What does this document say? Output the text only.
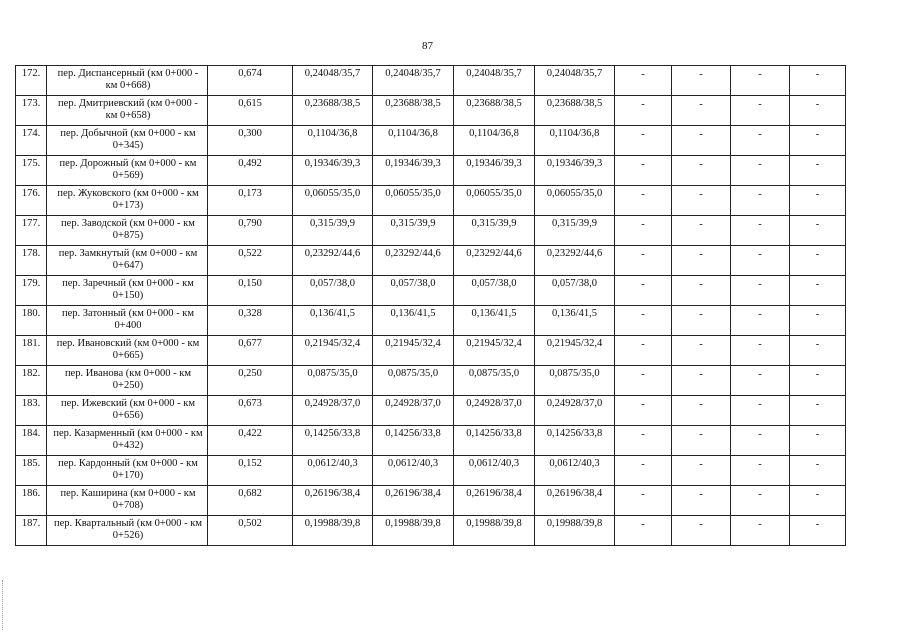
87
172.	пер. Диспансерный (км 0+000 - км 0+668)	0,674	0,24048/35,7	0,24048/35,7	0,24048/35,7	0,24048/35,7	-	-	-	-
173.	пер. Дмитриевский (км 0+000 - км 0+658)	0,615	0,23688/38,5	0,23688/38,5	0,23688/38,5	0,23688/38,5	-	-	-	-
174.	пер. Добычной (км 0+000 - км 0+345)	0,300	0,1104/36,8	0,1104/36,8	0,1104/36,8	0,1104/36,8	-	-	-	-
175.	пер. Дорожный (км 0+000 - км 0+569)	0,492	0,19346/39,3	0,19346/39,3	0,19346/39,3	0,19346/39,3	-	-	-	-
176.	пер. Жуковского (км 0+000 - км 0+173)	0,173	0,06055/35,0	0,06055/35,0	0,06055/35,0	0,06055/35,0	-	-	-	-
177.	пер. Заводской (км 0+000 - км 0+875)	0,790	0,315/39,9	0,315/39,9	0,315/39,9	0,315/39,9	-	-	-	-
178.	пер. Замкнутый (км 0+000 - км 0+647)	0,522	0,23292/44,6	0,23292/44,6	0,23292/44,6	0,23292/44,6	-	-	-	-
179.	пер. Заречный (км 0+000 - км 0+150)	0,150	0,057/38,0	0,057/38,0	0,057/38,0	0,057/38,0	-	-	-	-
180.	пер. Затонный (км 0+000 - км 0+400	0,328	0,136/41,5	0,136/41,5	0,136/41,5	0,136/41,5	-	-	-	-
181.	пер. Ивановский (км 0+000 - км 0+665)	0,677	0,21945/32,4	0,21945/32,4	0,21945/32,4	0,21945/32,4	-	-	-	-
182.	пер. Иванова (км 0+000 - км 0+250)	0,250	0,0875/35,0	0,0875/35,0	0,0875/35,0	0,0875/35,0	-	-	-	-
183.	пер. Ижевский (км 0+000 - км 0+656)	0,673	0,24928/37,0	0,24928/37,0	0,24928/37,0	0,24928/37,0	-	-	-	-
184.	пер. Казарменный (км 0+000 - км 0+432)	0,422	0,14256/33,8	0,14256/33,8	0,14256/33,8	0,14256/33,8	-	-	-	-
185.	пер. Кардонный (км 0+000 - км 0+170)	0,152	0,0612/40,3	0,0612/40,3	0,0612/40,3	0,0612/40,3	-	-	-	-
186.	пер. Каширина (км 0+000 - км 0+708)	0,682	0,26196/38,4	0,26196/38,4	0,26196/38,4	0,26196/38,4	-	-	-	-
187.	пер. Квартальный (км 0+000 - км 0+526)	0,502	0,19988/39,8	0,19988/39,8	0,19988/39,8	0,19988/39,8	-	-	-	-
